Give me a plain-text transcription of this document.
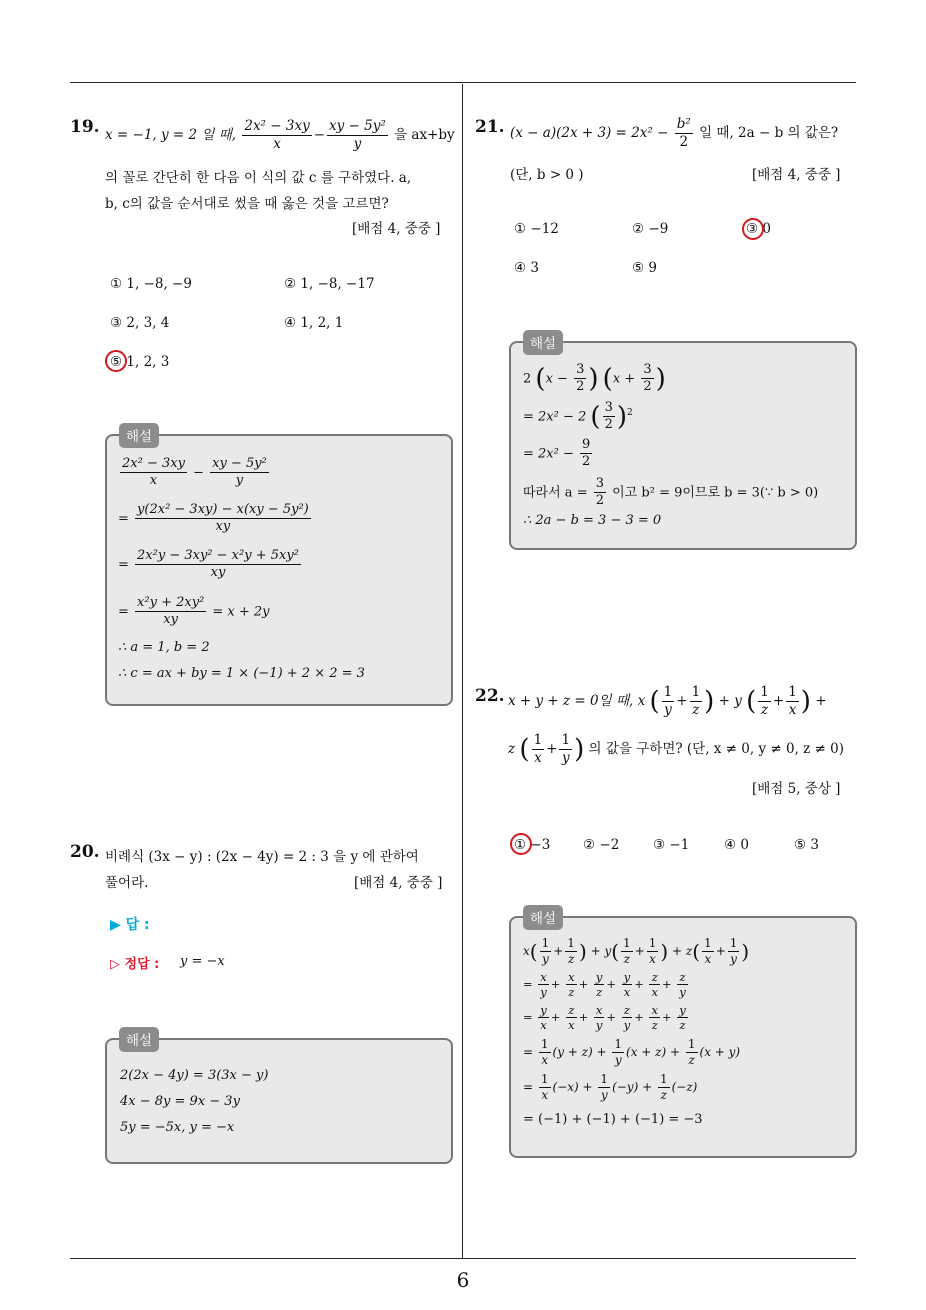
19. x = −1, y = 2 일 때, $\frac{\text{2x² − 3xy}}{x} - \frac{\text{xy − 5y²}}{y}$ 을 ax+by
의 꼴로 간단히 한 다음 이 식의 값 c 를 구하였다. a,
b, c의 값을 순서대로 썼을 때 옳은 것을 고르면?
[배점 4, 중중 ]
① 1, −8, −9	② 1, −8, −17
③ 2, 3, 4	④ 1, 2, 1
⑤ 1, 2, 3
해설
$\frac{\text{2x² − 3xy}}{x} - \frac{\text{xy − 5y²}}{y}$
= $\frac{\text{y(2x² − 3xy) − x(xy − 5y²)}}{xy}$
= $\frac{\text{2x²y − 3xy² − x²y + 5xy²}}{xy}$
= $\frac{\text{x²y + 2xy²}}{xy} = x + 2y$
∴ a = 1, b = 2
∴ c = ax + by = 1 × (−1) + 2 × 2 = 3
20. 비례식 (3x − y) : (2x − 4y) = 2 : 3 을 y 에 관하여
풀어라.	[배점 4, 중중 ]
▶ 답 :
▷ 정답 : y = −x
해설
2(2x − 4y) = 3(3x − y)
4x − 8y = 9x − 3y
5y = −5x, y = −x
21. $(x - a)(2x + 3) = 2x^2 - \frac{\text{b²}}{2}$ 일 때, 2a − b 의 값은?
(단, b > 0 )	[배점 4, 중중 ]
① −12	② −9	③ 0
④ 3	⑤ 9
해설
2 ($x - \frac{3}{2}$ ) ($x + \frac{3}{2}$ )
= 2x² − 2 ( $\frac{3}{2} )^2$
= $2x^2 - \frac{9}{2}$
따라서 $a = \frac{3}{2}$ 이고 b² = 9이므로 b = 3(∵ b > 0)
∴ 2a − b = 3 − 3 = 0
22. x + y + z = 0일 때, x ( $\frac{1}{y} + \frac{1}{z}$ ) + y ( $\frac{1}{z} + \frac{1}{x}$ ) +
z ( $\frac{1}{x} + \frac{1}{y}$ ) 의 값을 구하면? (단, x ≠ 0, y ≠ 0, z ≠ 0)
[배점 5, 중상 ]
① −3 ② −2 ③ −1	④ 0	⑤ 3
해설
$x( \frac{1}{y} + \frac{1}{z}$ ) + $y( \frac{1}{z} + \frac{1}{x}$ ) + $z( \frac{1}{x} + \frac{1}{y}$ )
= $\frac{x}{y} + \frac{x}{z} + \frac{y}{z} + \frac{y}{x} + \frac{z}{x} + \frac{z}{y}$
= $\frac{y}{x} + \frac{z}{x} + \frac{x}{y} + \frac{z}{y} + \frac{x}{z} + \frac{y}{z}$
= $\frac{1}{x} (y + z) + \frac{1}{y} (x + z) + \frac{1}{z} (x + y)$
= $\frac{1}{x} (-x) + \frac{1}{y} (-y) + \frac{1}{z} (-z)$
= (−1) + (−1) + (−1) = −3
6
